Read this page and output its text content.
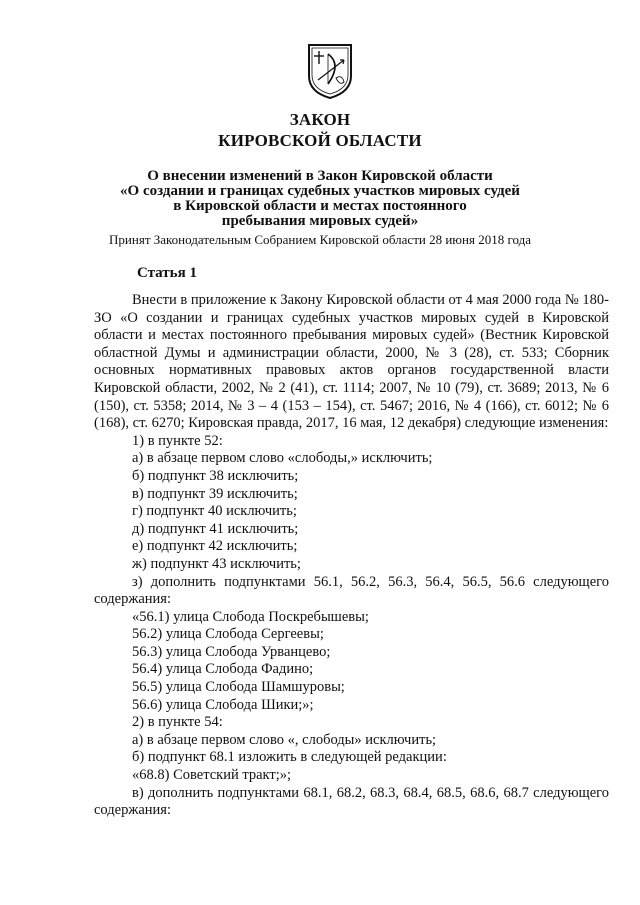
ЗАКОН
КИРОВСКОЙ ОБЛАСТИ
О внесении изменений в Закон Кировской области
«О создании и границах судебных участков мировых судей
в Кировской области и местах постоянного
пребывания мировых судей»
Принят Законодательным Собранием Кировской области 28 июня 2018 года
Статья 1

Внести в приложение к Закону Кировской области от 4 мая 2000 года № 180-ЗО «О создании и границах судебных участков мировых судей в Кировской области и местах постоянного пребывания мировых судей» (Вестник Кировской областной Думы и администрации области, 2000, № 3 (28), ст. 533; Сборник основных нормативных правовых актов органов государственной власти Кировской области, 2002, № 2 (41), ст. 1114; 2007, № 10 (79), ст. 3689; 2013, № 6 (150), ст. 5358; 2014, № 3 – 4 (153 – 154), ст. 5467; 2016, № 4 (166), ст. 6012; № 6 (168), ст. 6270; Кировская правда, 2017, 16 мая, 12 декабря) следующие изменения:

1) в пункте 52:

а) в абзаце первом слово «слободы,» исключить;

б) подпункт 38 исключить;

в) подпункт 39 исключить;

г) подпункт 40 исключить;

д) подпункт 41 исключить;

е) подпункт 42 исключить;

ж) подпункт 43 исключить;

з) дополнить подпунктами 56.1, 56.2, 56.3, 56.4, 56.5, 56.6 следующего содержания:

«56.1) улица Слобода Поскребышевы;

56.2) улица Слобода Сергеевы;

56.3) улица Слобода Урванцево;

56.4) улица Слобода Фадино;

56.5) улица Слобода Шамшуровы;

56.6) улица Слобода Шики;»;

2) в пункте 54:

а) в абзаце первом слово «, слободы» исключить;

б) подпункт 68.1 изложить в следующей редакции:

«68.8) Советский тракт;»;

в) дополнить подпунктами 68.1, 68.2, 68.3, 68.4, 68.5, 68.6, 68.7 следующего содержания:
